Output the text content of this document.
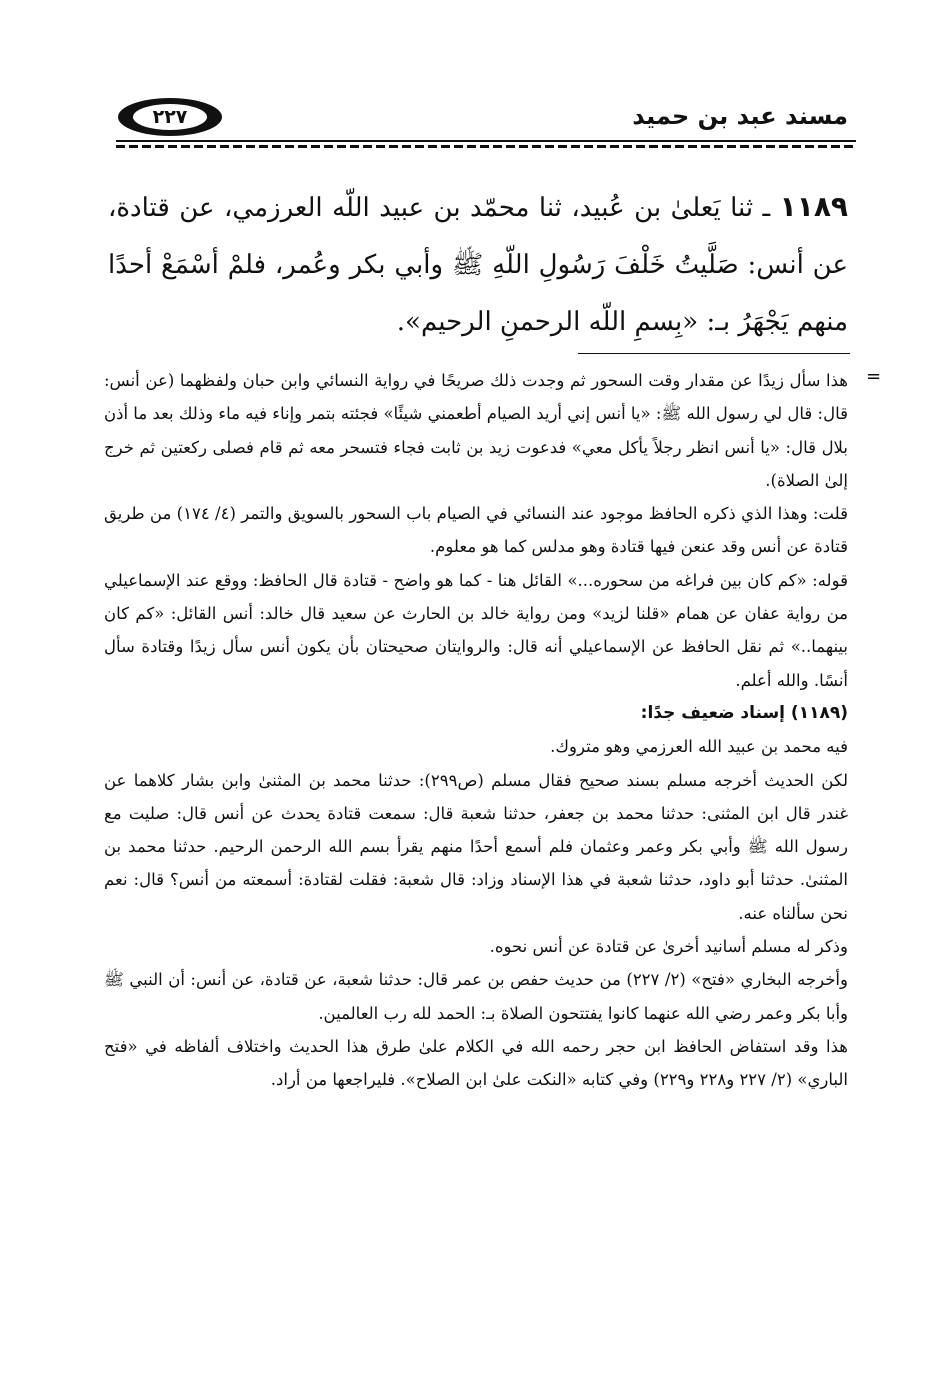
٢٢٧	مسند عبد بن حميد
١١٨٩ ـ ثنا يَعلىٰ بن عُبيد، ثنا محمّد بن عبيد اللّه العرزمي، عن قتادة، عن أنس: صَلَّيتُ خَلْفَ رَسُولِ اللّهِ ﷺ وأبي بكر وعُمر، فلمْ أسْمَعْ أحدًا منهم يَجْهَرُ بـ: «بِسمِ اللّه الرحمنِ الرحيم».
=

هذا سأل زيدًا عن مقدار وقت السحور ثم وجدت ذلك صريحًا في رواية النسائي وابن حبان ولفظهما (عن أنس: قال: قال لي رسول الله ﷺ: «يا أنس إني أريد الصيام أطعمني شيئًا» فجئته بتمر وإناء فيه ماء وذلك بعد ما أذن بلال قال: «يا أنس انظر رجلاً يأكل معي» فدعوت زيد بن ثابت فجاء فتسحر معه ثم قام فصلى ركعتين ثم خرج إلىٰ الصلاة).

قلت: وهذا الذي ذكره الحافظ موجود عند النسائي في الصيام باب السحور بالسويق والتمر (٤/ ١٧٤) من طريق قتادة عن أنس وقد عنعن فيها قتادة وهو مدلس كما هو معلوم.

قوله: «كم كان بين فراغه من سحوره...» القائل هنا - كما هو واضح - قتادة قال الحافظ: ووقع عند الإسماعيلي من رواية عفان عن همام «قلنا لزيد» ومن رواية خالد بن الحارث عن سعيد قال خالد: أنس القائل: «كم كان بينهما..» ثم نقل الحافظ عن الإسماعيلي أنه قال: والروايتان صحيحتان بأن يكون أنس سأل زيدًا وقتادة سأل أنسًا. والله أعلم.

(١١٨٩) إسناد ضعيف جدًا:

فيه محمد بن عبيد الله العرزمي وهو متروك.

لكن الحديث أخرجه مسلم بسند صحيح فقال مسلم (ص٢٩٩): حدثنا محمد بن المثنىٰ وابن بشار كلاهما عن غندر قال ابن المثنى: حدثنا محمد بن جعفر، حدثنا شعبة قال: سمعت قتادة يحدث عن أنس قال: صليت مع رسول الله ﷺ وأبي بكر وعمر وعثمان فلم أسمع أحدًا منهم يقرأ بسم الله الرحمن الرحيم. حدثنا محمد بن المثنىٰ. حدثنا أبو داود، حدثنا شعبة في هذا الإسناد وزاد: قال شعبة: فقلت لقتادة: أسمعته من أنس؟ قال: نعم نحن سألناه عنه.

وذكر له مسلم أسانيد أخرىٰ عن قتادة عن أنس نحوه.

وأخرجه البخاري «فتح» (٢/ ٢٢٧) من حديث حفص بن عمر قال: حدثنا شعبة، عن قتادة، عن أنس: أن النبي ﷺ وأبا بكر وعمر رضي الله عنهما كانوا يفتتحون الصلاة بـ: الحمد لله رب العالمين.

هذا وقد استفاض الحافظ ابن حجر رحمه الله في الكلام علىٰ طرق هذا الحديث واختلاف ألفاظه في «فتح الباري» (٢/ ٢٢٧ و٢٢٨ و٢٢٩) وفي كتابه «النكت علىٰ ابن الصلاح». فليراجعها من أراد.
